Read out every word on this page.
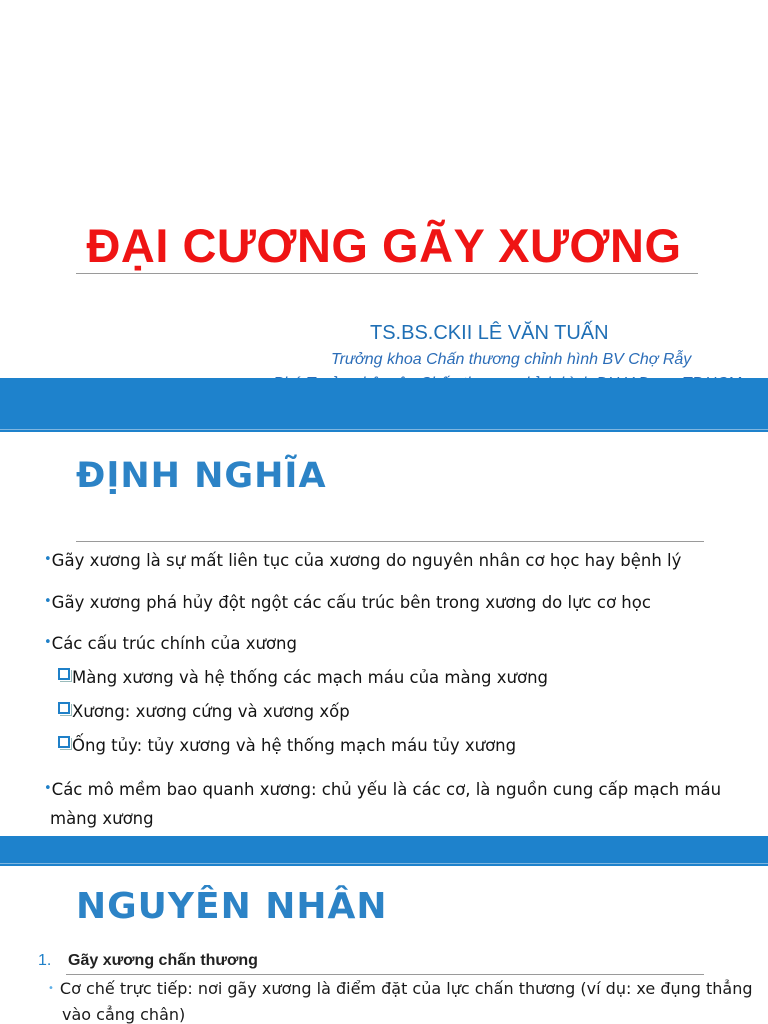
ĐẠI CƯƠNG GÃY XƯƠNG
TS.BS.CKII LÊ VĂN TUẤN
Trưởng khoa Chấn thương chỉnh hình BV Chợ Rẫy
ĐỊNH NGHĨA
•Gãy xương là sự mất liên tục của xương do nguyên nhân cơ học hay bệnh lý
•Gãy xương phá hủy đột ngột các cấu trúc bên trong xương do lực cơ học
•Các cấu trúc chính của xương
Màng xương và hệ thống các mạch máu của màng xương
Xương: xương cứng và xương xốp
Ống tủy: tủy xương và hệ thống mạch máu tủy xương
•Các mô mềm bao quanh xương: chủ yếu là các cơ, là nguồn cung cấp mạch máu
màng xương
NGUYÊN NHÂN
1. Gãy xương chấn thương
• Cơ chế trực tiếp: nơi gãy xương là điểm đặt của lực chấn thương (ví dụ: xe đụng thẳng
vào cẳng chân)
